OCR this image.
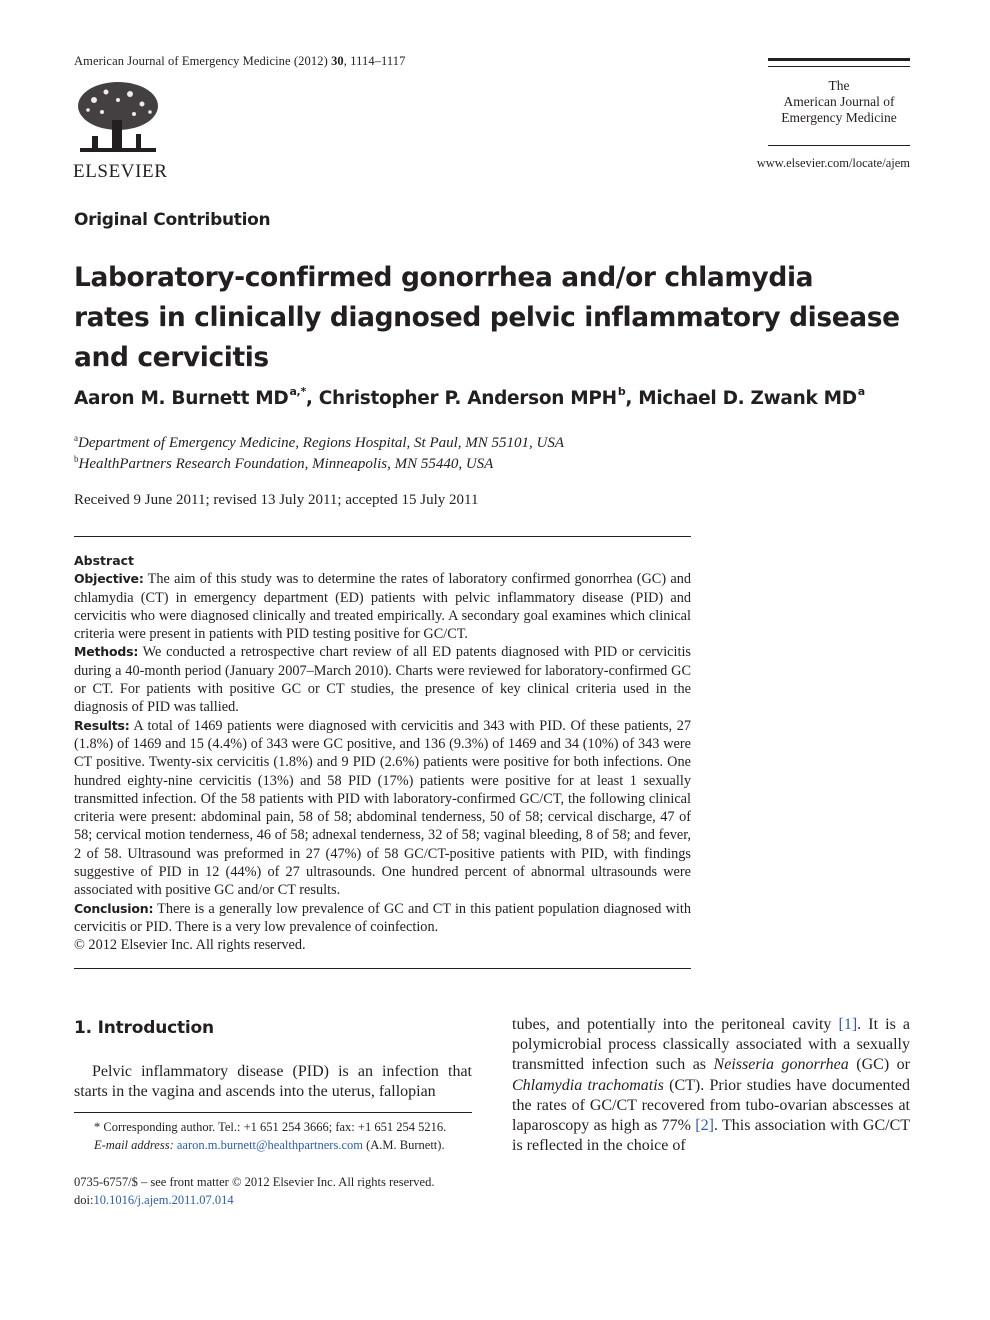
American Journal of Emergency Medicine (2012) 30, 1114–1117
ELSEVIER
The
American Journal of
Emergency Medicine
www.elsevier.com/locate/ajem
Original Contribution
Laboratory-confirmed gonorrhea and/or chlamydia
rates in clinically diagnosed pelvic inflammatory disease
and cervicitis
Aaron M. Burnett $MD^{a,*}$, Christopher P. Anderson MPH$^b$, Michael D. Zwank $MD^a$
$^a$Department of Emergency Medicine, Regions Hospital, St Paul, MN 55101, USA
$^b$HealthPartners Research Foundation, Minneapolis, MN 55440, USA
Received 9 June 2011; revised 13 July 2011; accepted 15 July 2011
Abstract
Objective: The aim of this study was to determine the rates of laboratory confirmed gonorrhea (GC) and chlamydia (CT) in emergency department (ED) patients with pelvic inflammatory disease (PID) and cervicitis who were diagnosed clinically and treated empirically. A secondary goal examines which clinical criteria were present in patients with PID testing positive for GC/CT.
Methods: We conducted a retrospective chart review of all ED patents diagnosed with PID or cervicitis during a 40-month period (January 2007–March 2010). Charts were reviewed for laboratory-confirmed GC or CT. For patients with positive GC or CT studies, the presence of key clinical criteria used in the diagnosis of PID was tallied.
Results: A total of 1469 patients were diagnosed with cervicitis and 343 with PID. Of these patients, 27 (1.8%) of 1469 and 15 (4.4%) of 343 were GC positive, and 136 (9.3%) of 1469 and 34 (10%) of 343 were CT positive. Twenty-six cervicitis (1.8%) and 9 PID (2.6%) patients were positive for both infections. One hundred eighty-nine cervicitis (13%) and 58 PID (17%) patients were positive for at least 1 sexually transmitted infection. Of the 58 patients with PID with laboratory-confirmed GC/CT, the following clinical criteria were present: abdominal pain, 58 of 58; abdominal tenderness, 50 of 58; cervical discharge, 47 of 58; cervical motion tenderness, 46 of 58; adnexal tenderness, 32 of 58; vaginal bleeding, 8 of 58; and fever, 2 of 58. Ultrasound was preformed in 27 (47%) of 58 GC/CT-positive patients with PID, with findings suggestive of PID in 12 (44%) of 27 ultrasounds. One hundred percent of abnormal ultrasounds were associated with positive GC and/or CT results.
Conclusion: There is a generally low prevalence of GC and CT in this patient population diagnosed with cervicitis or PID. There is a very low prevalence of coinfection.
© 2012 Elsevier Inc. All rights reserved.
1. Introduction
Pelvic inflammatory disease (PID) is an infection that starts in the vagina and ascends into the uterus, fallopian
tubes, and potentially into the peritoneal cavity [1]. It is a polymicrobial process classically associated with a sexually transmitted infection such as Neisseria gonorrhea (GC) or Chlamydia trachomatis (CT). Prior studies have documented the rates of GC/CT recovered from tubo-ovarian abscesses at laparoscopy as high as 77% [2]. This association with GC/CT is reflected in the choice of
* Corresponding author. Tel.: +1 651 254 3666; fax: +1 651 254 5216.
E-mail address: aaron.m.burnett@healthpartners.com (A.M. Burnett).
0735-6757/$ – see front matter © 2012 Elsevier Inc. All rights reserved.
doi:10.1016/j.ajem.2011.07.014
